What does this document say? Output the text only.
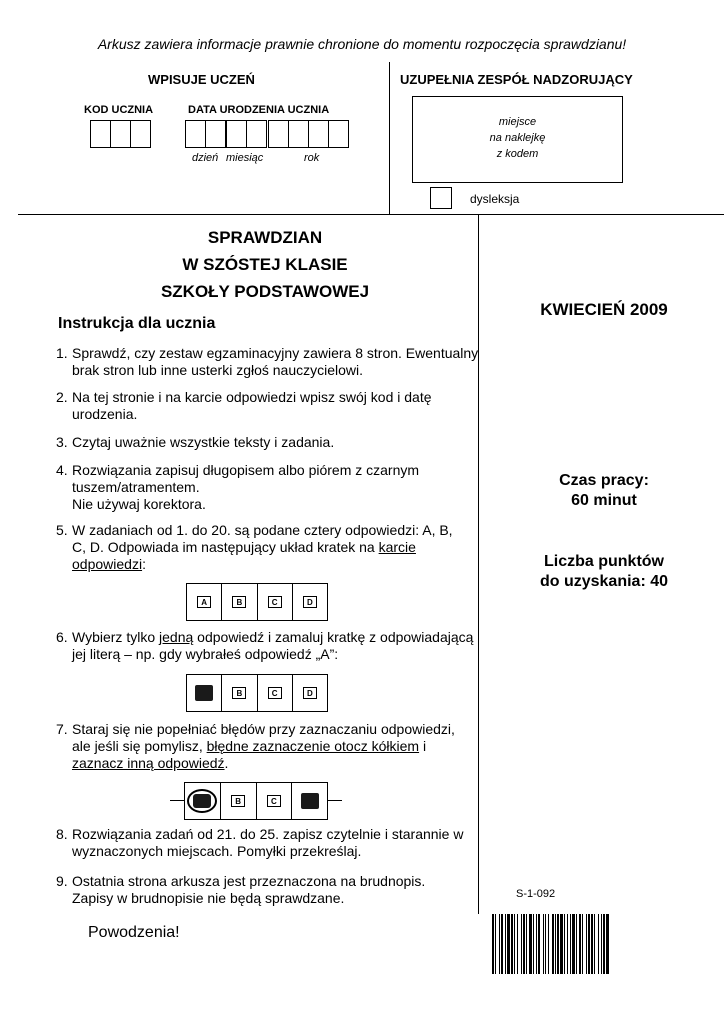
Arkusz zawiera informacje prawnie chronione do momentu rozpoczęcia sprawdzianu!
WPISUJE UCZEŃ
KOD UCZNIA	DATA URODZENIA UCZNIA
dzień miesiąc	rok
UZUPEŁNIA ZESPÓŁ NADZORUJĄCY
miejsce
na naklejkę
z kodem
dysleksja
SPRAWDZIAN
W SZÓSTEJ KLASIE
SZKOŁY PODSTAWOWEJ
Instrukcja dla ucznia
1. Sprawdź, czy zestaw egzaminacyjny zawiera 8 stron. Ewentualny brak stron lub inne usterki zgłoś nauczycielowi.
2. Na tej stronie i na karcie odpowiedzi wpisz swój kod i datę urodzenia.
3. Czytaj uważnie wszystkie teksty i zadania.
4. Rozwiązania zapisuj długopisem albo piórem z czarnym tuszem/atramentem.
Nie używaj korektora.
5. W zadaniach od 1. do 20. są podane cztery odpowiedzi: A, B, C, D. Odpowiada im następujący układ kratek na karcie odpowiedzi:
A	B	C	D
6. Wybierz tylko jedną odpowiedź i zamaluj kratkę z odpowiadającą jej literą – np. gdy wybrałeś odpowiedź „A”:
B	C	D
7. Staraj się nie popełniać błędów przy zaznaczaniu odpowiedzi, ale jeśli się pomylisz, błędne zaznaczenie otocz kółkiem i zaznacz inną odpowiedź.
B	C
8. Rozwiązania zadań od 21. do 25. zapisz czytelnie i starannie w wyznaczonych miejscach. Pomyłki przekreślaj.
9. Ostatnia strona arkusza jest przeznaczona na brudnopis. Zapisy w brudnopisie nie będą sprawdzane.
KWIECIEŃ 2009
Czas pracy:
60 minut
Liczba punktów
do uzyskania: 40
S-1-092
Powodzenia!
